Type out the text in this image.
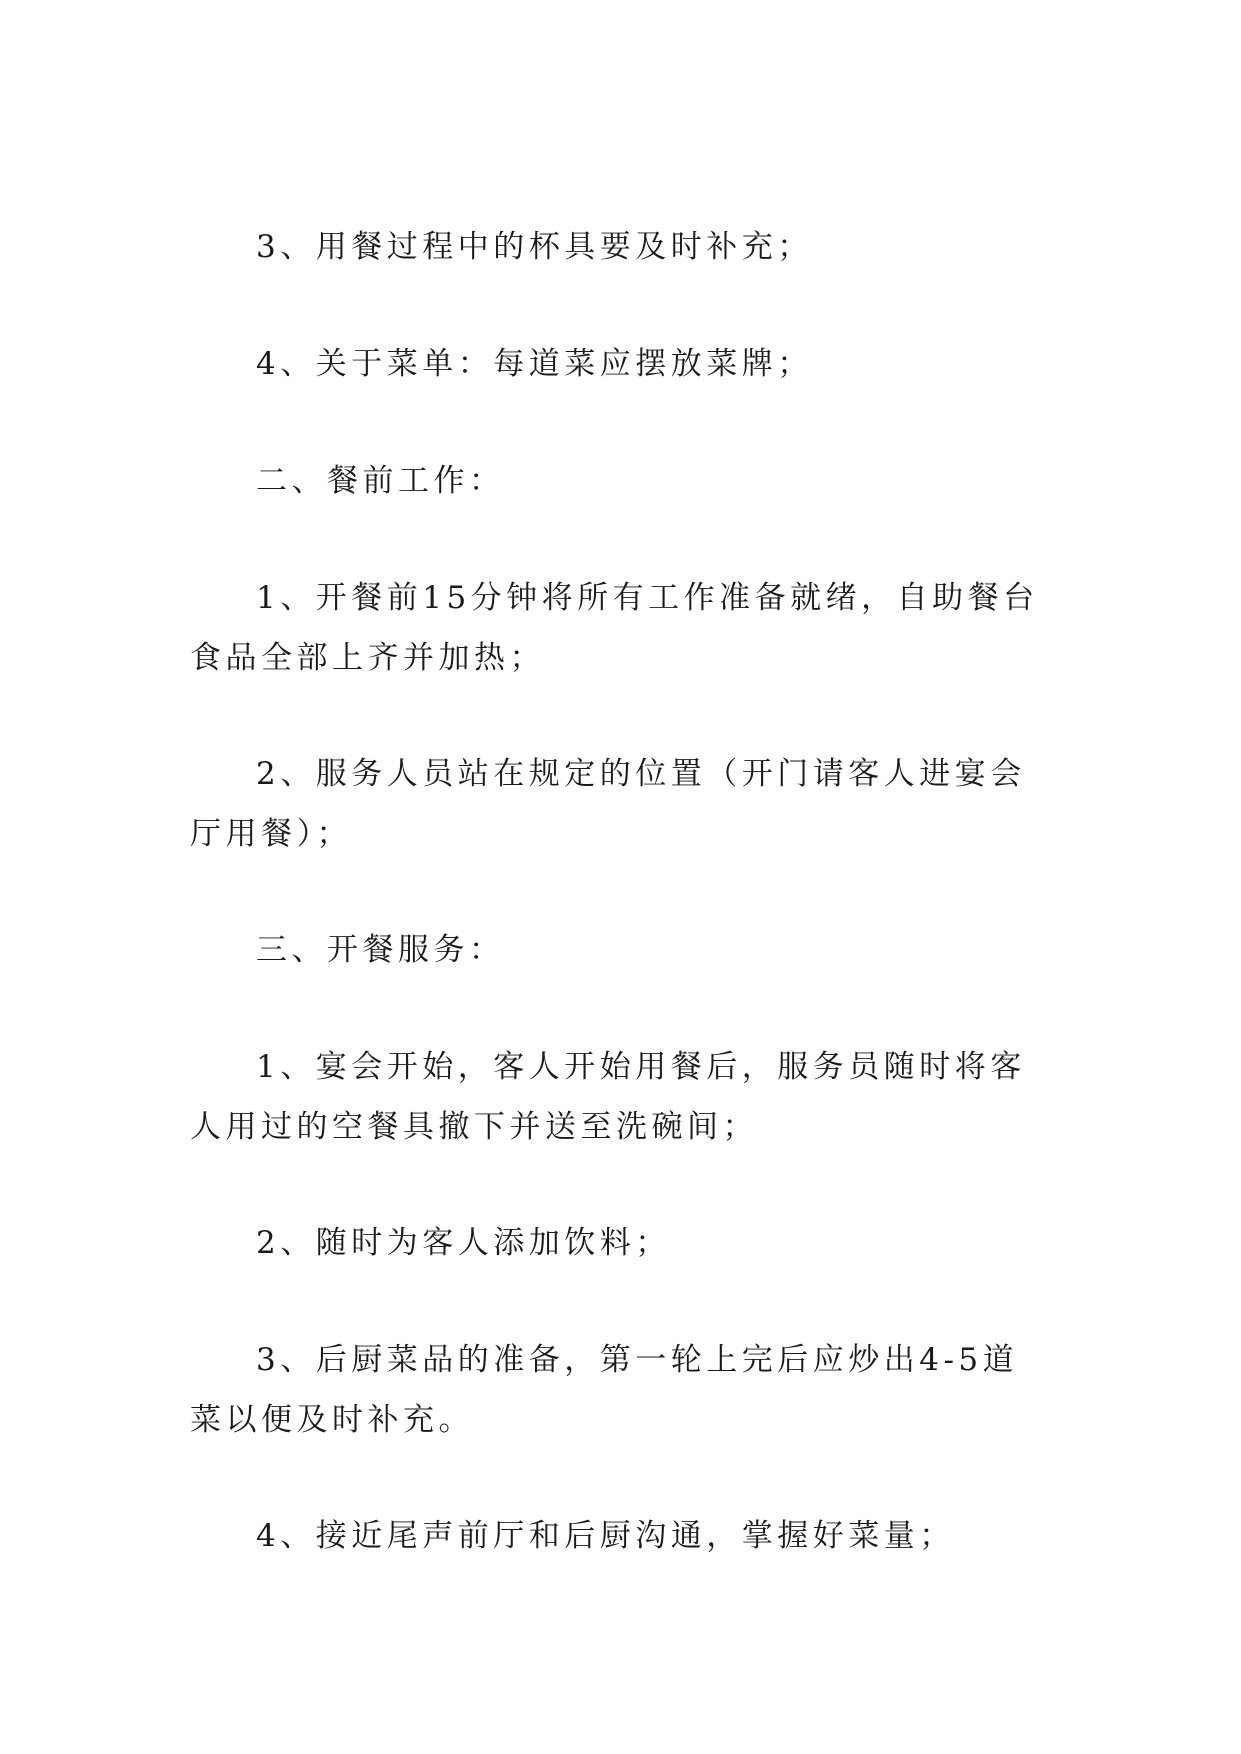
3、用餐过程中的杯具要及时补充；

4、关于菜单：每道菜应摆放菜牌；

二、餐前工作：

1、开餐前15分钟将所有工作准备就绪，自助餐台食品全部上齐并加热；

2、服务人员站在规定的位置（开门请客人进宴会厅用餐）；

三、开餐服务：

1、宴会开始，客人开始用餐后，服务员随时将客人用过的空餐具撤下并送至洗碗间；

2、随时为客人添加饮料；

3、后厨菜品的准备，第一轮上完后应炒出4-5道菜以便及时补充。

4、接近尾声前厅和后厨沟通，掌握好菜量；
